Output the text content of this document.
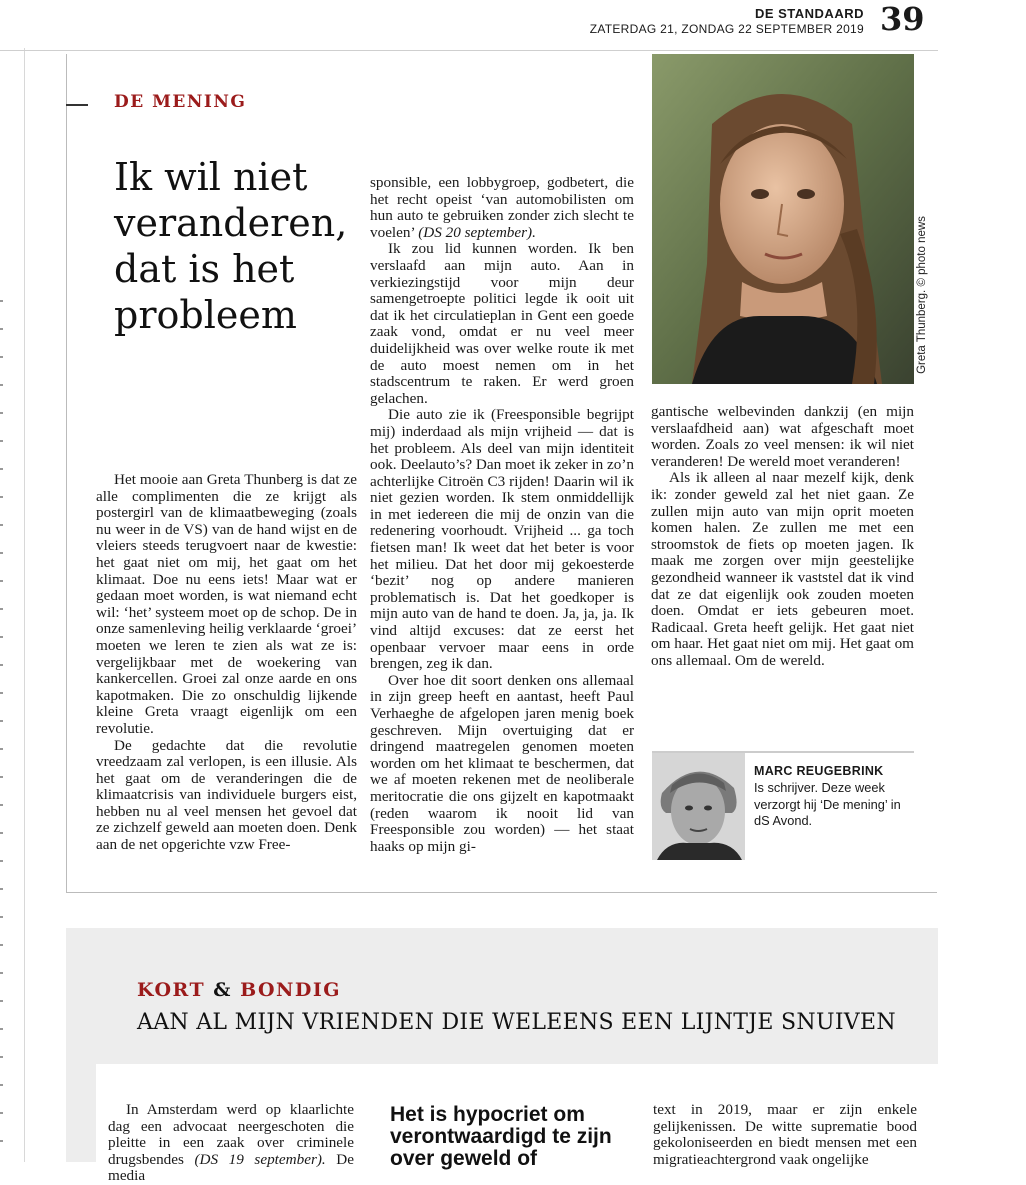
DE STANDAARD
ZATERDAG 21, ZONDAG 22 SEPTEMBER 2019 39
DE MENING
Ik wil niet veranderen, dat is het probleem

Het mooie aan Greta Thunberg is dat ze alle complimenten die ze krijgt als postergirl van de klimaatbeweging (zoals nu weer in de VS) van de hand wijst en de vleiers steeds terugvoert naar de kwestie: het gaat niet om mij, het gaat om het klimaat. Doe nu eens iets! Maar wat er gedaan moet worden, is wat niemand echt wil: ‘het’ systeem moet op de schop. De in onze samenleving heilig verklaarde ‘groei’ moeten we leren te zien als wat ze is: vergelijkbaar met de woekering van kankercellen. Groei zal onze aarde en ons kapotmaken. Die zo onschuldig lijkende kleine Greta vraagt eigenlijk om een revolutie.

De gedachte dat die revolutie vreedzaam zal verlopen, is een illusie. Als het gaat om de veranderingen die de klimaatcrisis van individuele burgers eist, hebben nu al veel mensen het gevoel dat ze zichzelf geweld aan moeten doen. Denk aan de net opgerichte vzw Free-

sponsible, een lobbygroep, godbetert, die het recht opeist ‘van automobilisten om hun auto te gebruiken zonder zich slecht te voelen’ (DS 20 september).

Ik zou lid kunnen worden. Ik ben verslaafd aan mijn auto. Aan in verkiezingstijd voor mijn deur samengetroepte politici legde ik ooit uit dat ik het circulatieplan in Gent een goede zaak vond, omdat er nu veel meer duidelijkheid was over welke route ik met de auto moest nemen om in het stadscentrum te raken. Er werd groen gelachen.

Die auto zie ik (Freesponsible begrijpt mij) inderdaad als mijn vrijheid — dat is het probleem. Als deel van mijn identiteit ook. Deelauto’s? Dan moet ik zeker in zo’n achterlijke Citroën C3 rijden! Daarin wil ik niet gezien worden. Ik stem onmiddellijk in met iedereen die mij de onzin van die redenering voorhoudt. Vrijheid ... ga toch fietsen man! Ik weet dat het beter is voor het milieu. Dat het door mij gekoesterde ‘bezit’ nog op andere manieren problematisch is. Dat het goedkoper is mijn auto van de hand te doen. Ja, ja, ja. Ik vind altijd excuses: dat ze eerst het openbaar vervoer maar eens in orde brengen, zeg ik dan.

Over hoe dit soort denken ons allemaal in zijn greep heeft en aantast, heeft Paul Verhaeghe de afgelopen jaren menig boek geschreven. Mijn overtuiging dat er dringend maatregelen genomen moeten worden om het klimaat te beschermen, dat we af moeten rekenen met de neoliberale meritocratie die ons gijzelt en kapotmaakt (reden waarom ik nooit lid van Freesponsible zou worden) — het staat haaks op mijn gi-

Greta Thunberg. © photo news

gantische welbevinden dankzij (en mijn verslaafdheid aan) wat afgeschaft moet worden. Zoals zo veel mensen: ik wil niet veranderen! De wereld moet veranderen!

Als ik alleen al naar mezelf kijk, denk ik: zonder geweld zal het niet gaan. Ze zullen mijn auto van mijn oprit moeten komen halen. Ze zullen me met een stroomstok de fiets op moeten jagen. Ik maak me zorgen over mijn geestelijke gezondheid wanneer ik vaststel dat ik vind dat ze dat eigenlijk ook zouden moeten doen. Omdat er iets gebeuren moet. Radicaal. Greta heeft gelijk. Het gaat niet om haar. Het gaat niet om mij. Het gaat om ons allemaal. Om de wereld.

MARC REUGEBRINK
Is schrijver. Deze week verzorgt hij ‘De mening’ in dS Avond.
KORT & BONDIG
AAN AL MIJN VRIENDEN DIE WELEENS EEN LIJNTJE SNUIVEN
In Amsterdam werd op klaarlichte dag een advocaat neergeschoten die pleitte in een zaak over criminele drugsbendes (DS 19 september). De media
Het is hypocriet om verontwaardigd te zijn over geweld of
text in 2019, maar er zijn enkele gelijkenissen. De witte suprematie bood gekoloniseerden en biedt mensen met een migratieachtergrond vaak ongelijke
